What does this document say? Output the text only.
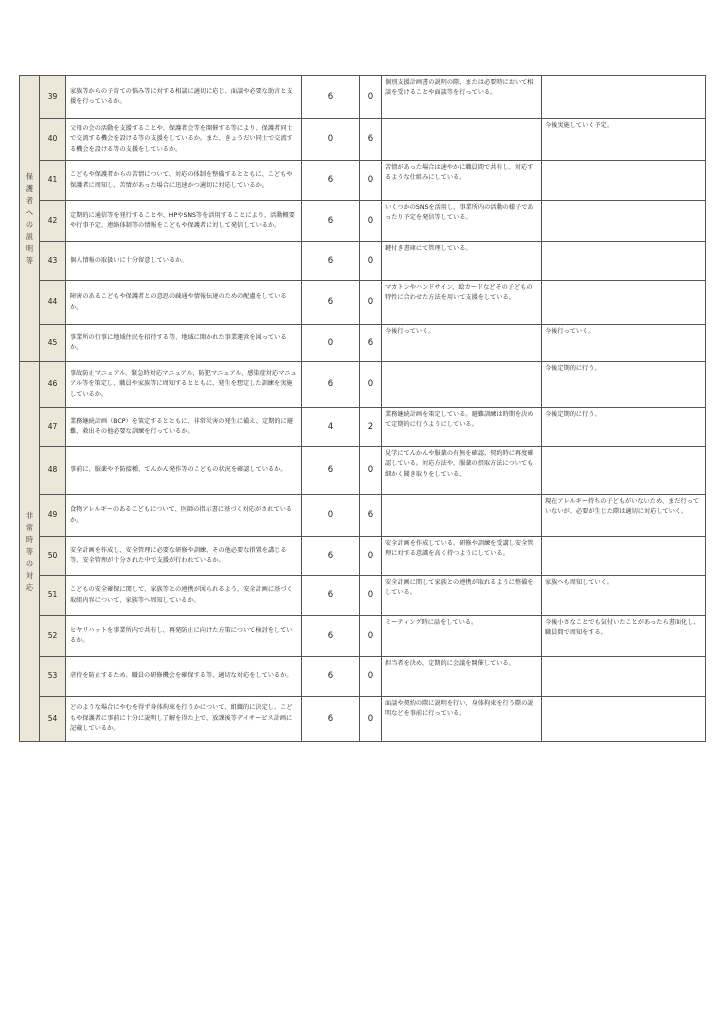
保護者への説明等	39	家族等からの子育ての悩み等に対する相談に適切に応じ、面談や必要な助言と支援を行っているか。	6	0	個別支援計画書の説明の際、または必要時において相談を受けることや面談等を行っている。	
	40	父母の会の活動を支援することや、保護者会等を開催する等により、保護者同士で交流する機会を設ける等の支援をしているか。また、きょうだい同士で交流する機会を設ける等の支援をしているか。	0	6		今後実施していく予定。
	41	こどもや保護者からの苦情について、対応の体制を整備するとともに、こどもや保護者に周知し、苦情があった場合に迅速かつ適切に対応しているか。	6	0	苦情があった場合は速やかに職員間で共有し、対応するような仕組みにしている。	
	42	定期的に通信等を発行することや、HPやSNS等を活用することにより、活動概要や行事予定、連絡体制等の情報をこどもや保護者に対して発信しているか。	6	0	いくつかのSNSを活用し、事業所内の活動の様子であったり予定を発信等している。	
	43	個人情報の取扱いに十分留意しているか。	6	0	鍵付き書庫にて管理している。	
	44	障害のあるこどもや保護者との意思の疎通や情報伝達のための配慮をしているか。	6	0	マカトンやハンドサイン、絵カードなどその子どもの特性に合わせた方法を用いて支援をしている。	
	45	事業所の行事に地域住民を招待する等、地域に開かれた事業運営を図っているか。	0	6	今後行っていく。	今後行っていく。

非常時等の対応	46	事故防止マニュアル、緊急時対応マニュアル、防犯マニュアル、感染症対応マニュアル等を策定し、職員や家族等に周知するとともに、発生を想定した訓練を実施しているか。	6	0		今後定期的に行う。
	47	業務継続計画（BCP）を策定するとともに、非常災害の発生に備え、定期的に避難、救出その他必要な訓練を行っているか。	4	2	業務継続計画を策定している。避難訓練は時期を決めて定期的に行うようにしている。	今後定期的に行う。
	48	事前に、服薬や予防接種、てんかん発作等のこどもの状況を確認しているか。	6	0	見学にてんかんや服薬の有無を確認。契約時に再度確認している。対応方法や、服薬の摂取方法についても細かく聞き取りをしている。	
	49	食物アレルギーのあるこどもについて、医師の指示書に基づく対応がされているか。	0	6		現在アレルギー持ちの子どもがいないため、まだ行っていないが、必要が生じた際は適切に対応していく。
	50	安全計画を作成し、安全管理に必要な研修や訓練、その他必要な措置を講じる等、安全管理が十分された中で支援が行われているか。	6	0	安全計画を作成している。研修や訓練を受講し安全管理に対する意識を高く持つようにしている。	
	51	こどもの安全確保に関して、家族等との連携が図られるよう、安全計画に基づく取組内容について、家族等へ周知しているか。	6	0	安全計画に関して家族との連携が取れるように整備をしている。	家族へも周知していく。
	52	ヒヤリハットを事業所内で共有し、再発防止に向けた方策について検討をしているか。	6	0	ミーティング時に話をしている。	今後小さなことでも気付いたことがあったら書面化し、職員間で周知をする。
	53	虐待を防止するため、職員の研修機会を確保する等、適切な対応をしているか。	6	0	担当者を決め、定期的に会議を開催している。	
	54	どのような場合にやむを得ず身体拘束を行うかについて、組織的に決定し、こどもや保護者に事前に十分に説明し了解を得た上で、放課後等デイサービス計画に記載しているか。	6	0	面談や契約の際に説明を行い、身体拘束を行う際の説明などを事前に行っている。	
